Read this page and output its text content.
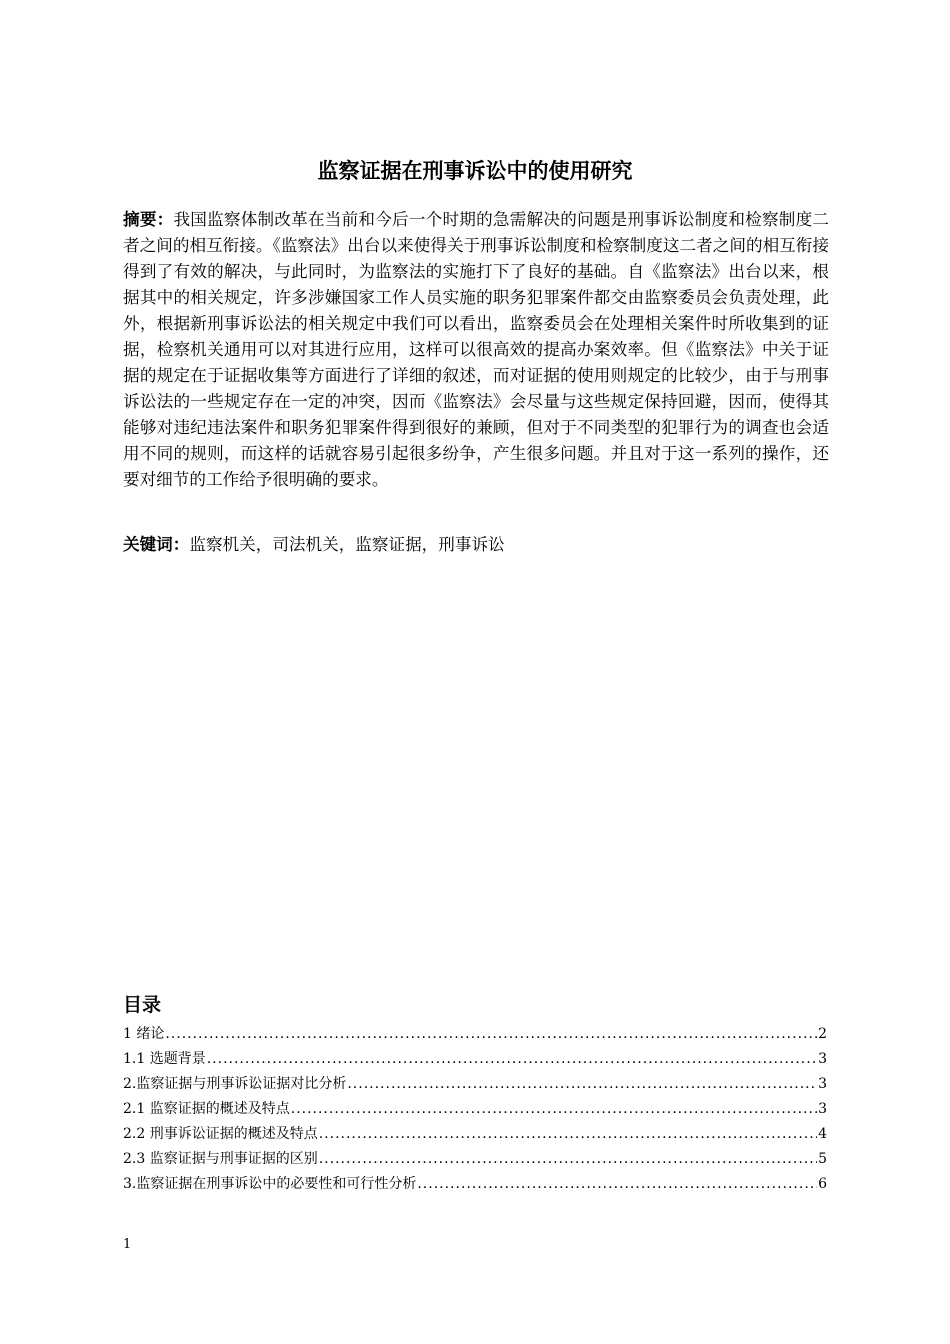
监察证据在刑事诉讼中的使用研究

摘要：我国监察体制改革在当前和今后一个时期的急需解决的问题是刑事诉讼制度和检察制度二者之间的相互衔接。《监察法》出台以来使得关于刑事诉讼制度和检察制度这二者之间的相互衔接得到了有效的解决，与此同时，为监察法的实施打下了良好的基础。自《监察法》出台以来，根据其中的相关规定，许多涉嫌国家工作人员实施的职务犯罪案件都交由监察委员会负责处理，此外，根据新刑事诉讼法的相关规定中我们可以看出，监察委员会在处理相关案件时所收集到的证据，检察机关通用可以对其进行应用，这样可以很高效的提高办案效率。但《监察法》中关于证据的规定在于证据收集等方面进行了详细的叙述，而对证据的使用则规定的比较少，由于与刑事诉讼法的一些规定存在一定的冲突，因而《监察法》会尽量与这些规定保持回避，因而，使得其能够对违纪违法案件和职务犯罪案件得到很好的兼顾，但对于不同类型的犯罪行为的调查也会适用不同的规则，而这样的话就容易引起很多纷争，产生很多问题。并且对于这一系列的操作，还要对细节的工作给予很明确的要求。

关键词：监察机关，司法机关，监察证据，刑事诉讼

目录
1 绪论 .....	2
1.1 选题背景 .....	3
2.监察证据与刑事诉讼证据对比分析 .....	3
2.1 监察证据的概述及特点 .....	3
2.2 刑事诉讼证据的概述及特点 .....	4
2.3 监察证据与刑事证据的区别 .....	5
3.监察证据在刑事诉讼中的必要性和可行性分析 .....	6

1
